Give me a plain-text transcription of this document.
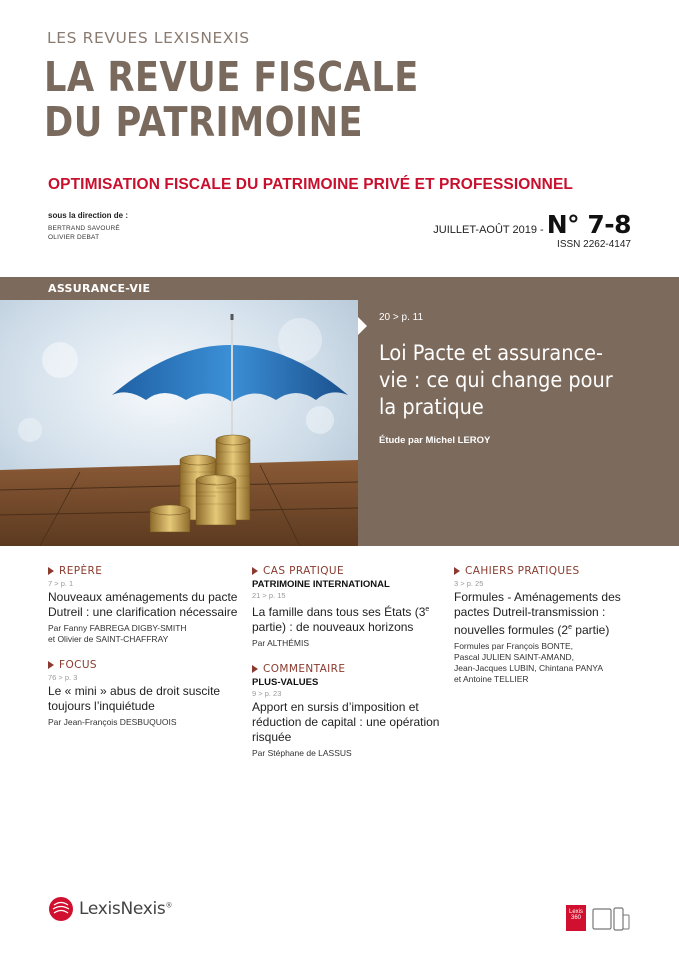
LES REVUES LEXISNEXIS
LA REVUE FISCALE
DU PATRIMOINE
OPTIMISATION FISCALE DU PATRIMOINE PRIVÉ ET PROFESSIONNEL
sous la direction de :
BERTRAND SAVOURÉ
OLIVIER DEBAT
JUILLET-AOÛT 2019 - N° 7-8
ISSN 2262-4147
ASSURANCE-VIE
20 > p. 11
Loi Pacte et assurance-vie : ce qui change pour la pratique
Étude par Michel LEROY
REPÈRE
7 > p. 1
Nouveaux aménagements du pacte Dutreil : une clarification nécessaire
Par Fanny FABREGA DIGBY-SMITH
et Olivier de SAINT-CHAFFRAY
FOCUS
76 > p. 3
Le « mini » abus de droit suscite toujours l’inquiétude
Par Jean-François DESBUQUOIS
CAS PRATIQUE
PATRIMOINE INTERNATIONAL
21 > p. 15
La famille dans tous ses États (3e partie) : de nouveaux horizons
Par ALTHÉMIS
COMMENTAIRE
PLUS-VALUES
9 > p. 23
Apport en sursis d’imposition et réduction de capital : une opération risquée
Par Stéphane de LASSUS
CAHIERS PRATIQUES
3 > p. 25
Formules - Aménagements des pactes Dutreil-transmission : nouvelles formules (2e partie)
Formules par François BONTE,
Pascal JULIEN SAINT-AMAND,
Jean-Jacques LUBIN, Chintana PANYA
et Antoine TELLIER
LexisNexis®
Lexis
360
